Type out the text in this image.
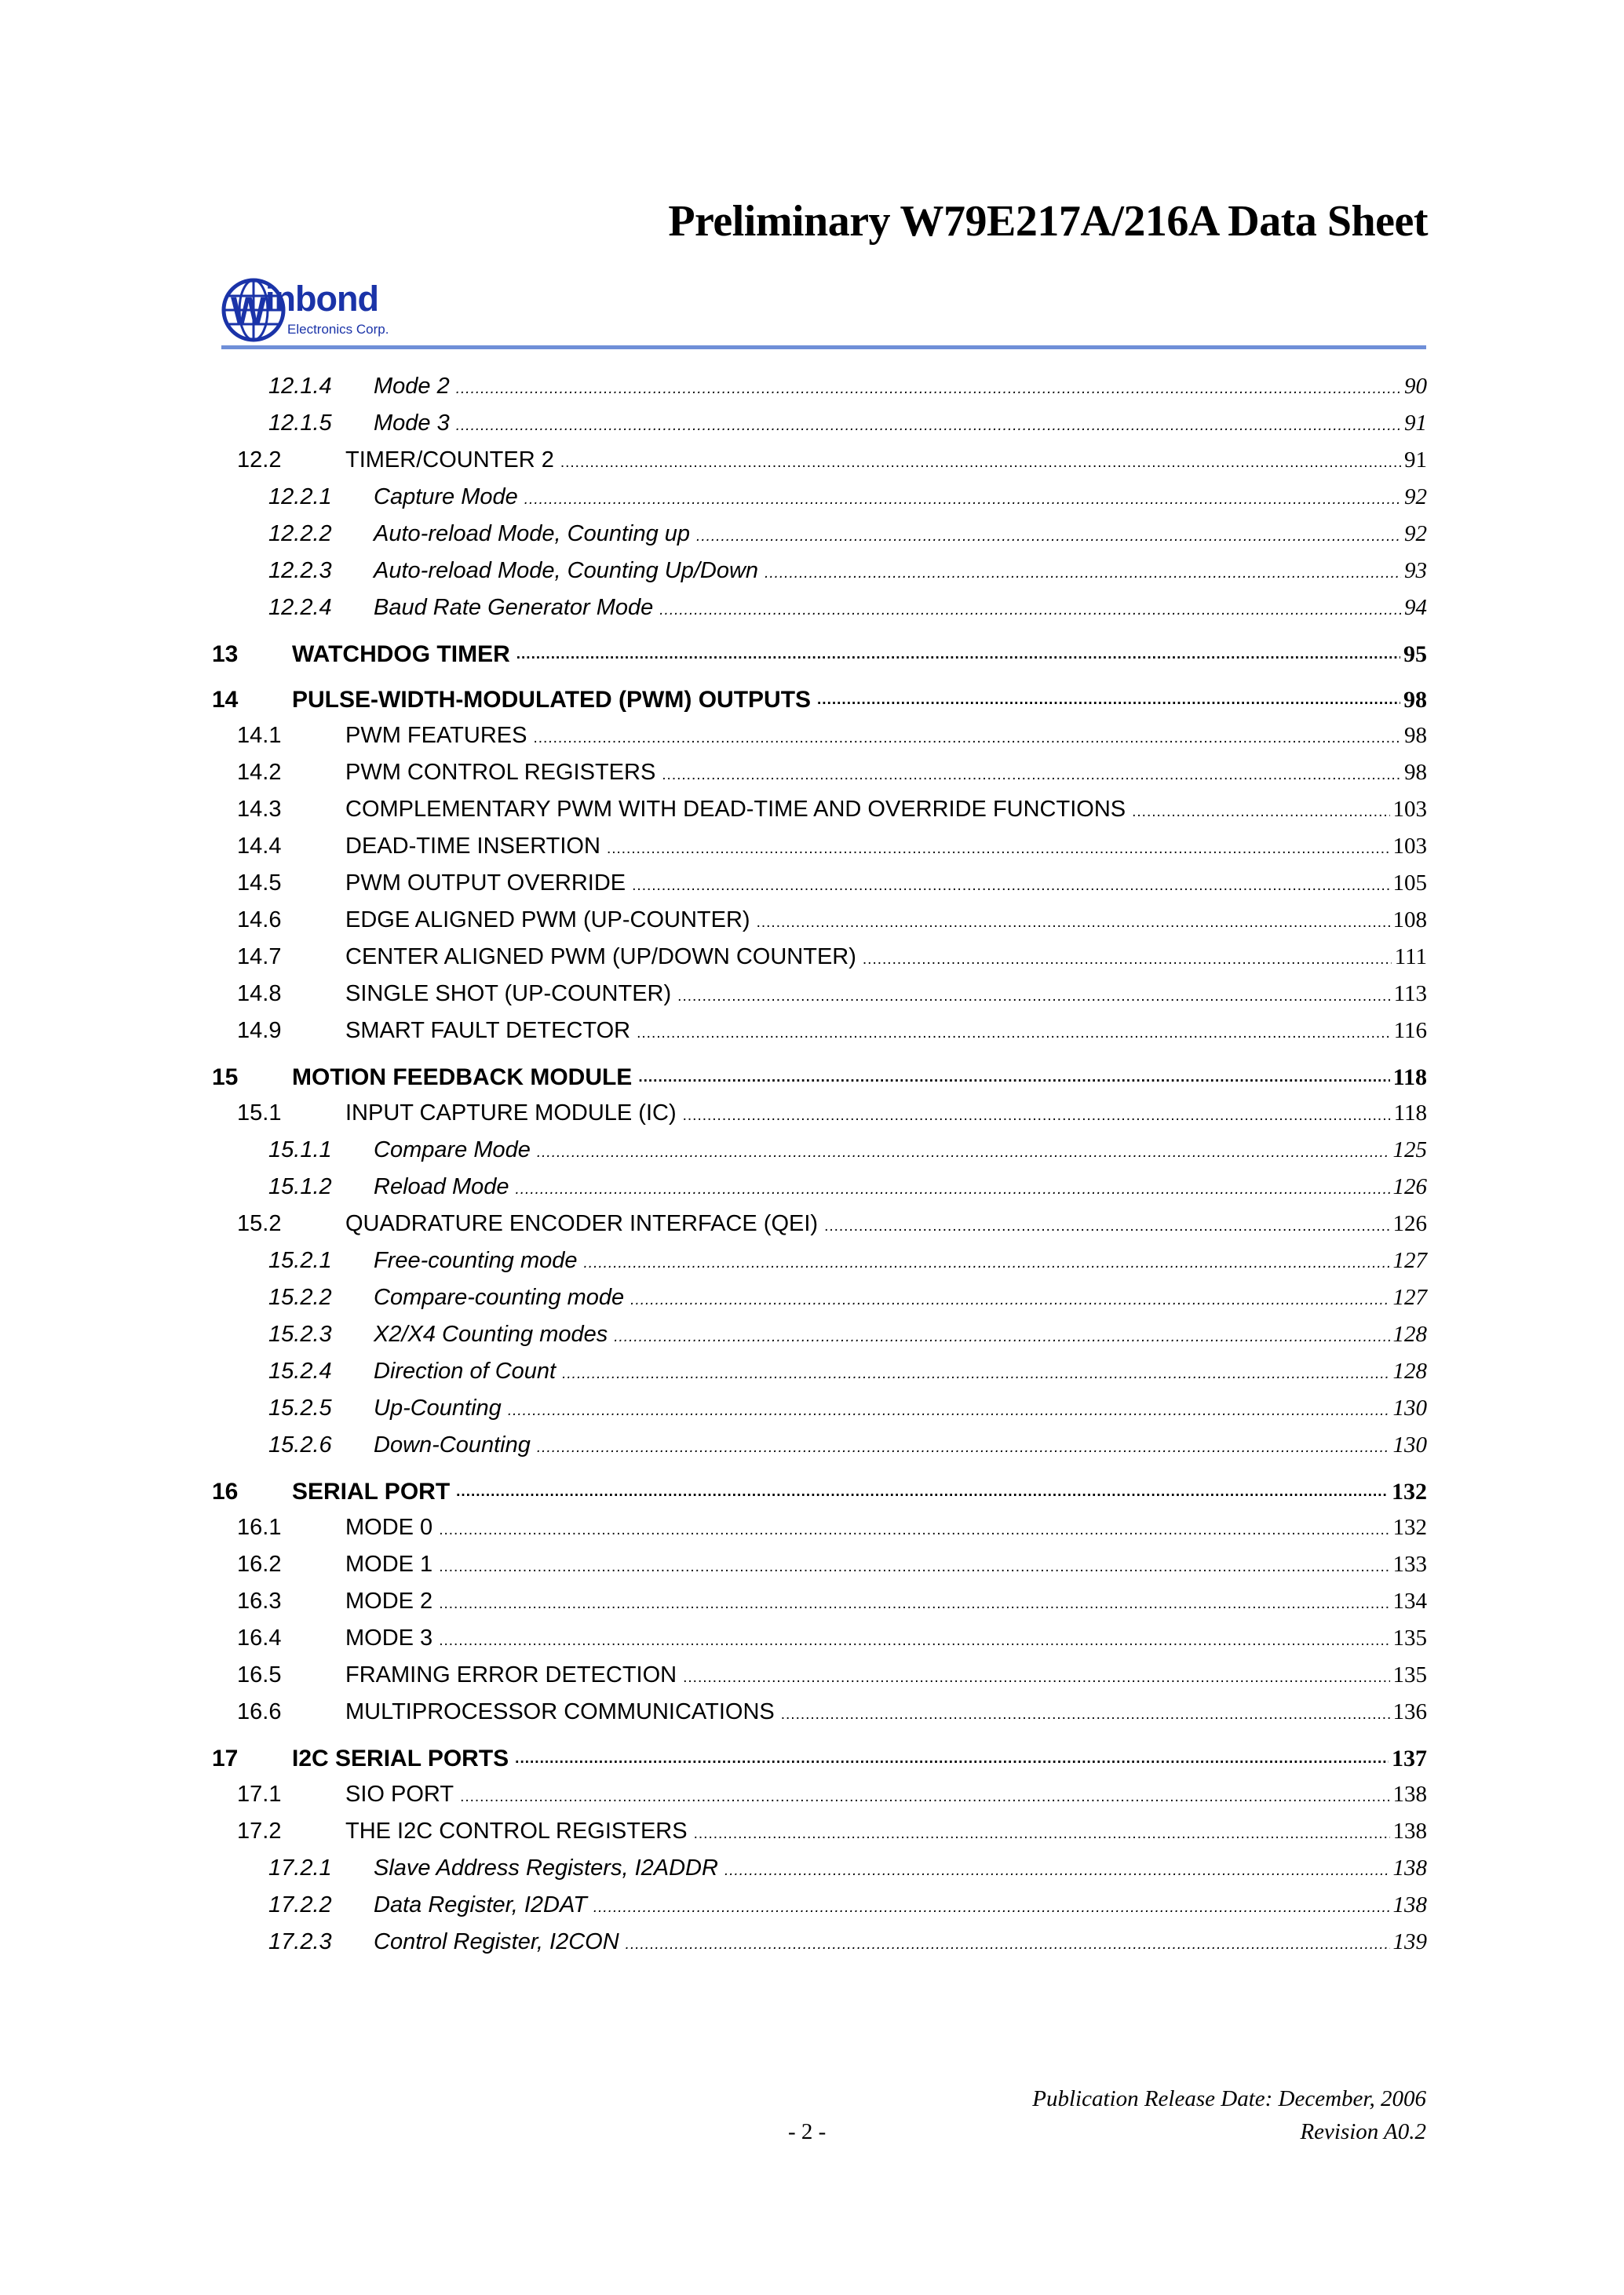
Preliminary W79E217A/216A Data Sheet
W
inbond
Electronics Corp.
12.1.4	Mode 2 .....	90
12.1.5	Mode 3 .....	91
12.2	TIMER/COUNTER 2 .....	91
12.2.1	Capture Mode .....	92
12.2.2	Auto-reload Mode, Counting up .....	92
12.2.3	Auto-reload Mode, Counting Up/Down .....	93
12.2.4	Baud Rate Generator Mode .....	94
13	WATCHDOG TIMER .....	95
14	PULSE-WIDTH-MODULATED (PWM) OUTPUTS .....	98
14.1	PWM FEATURES .....	98
14.2	PWM CONTROL REGISTERS .....	98
14.3	COMPLEMENTARY PWM WITH DEAD-TIME AND OVERRIDE FUNCTIONS .....	103
14.4	DEAD-TIME INSERTION .....	103
14.5	PWM OUTPUT OVERRIDE .....	105
14.6	EDGE ALIGNED PWM (UP-COUNTER) .....	108
14.7	CENTER ALIGNED PWM (UP/DOWN COUNTER) .....	111
14.8	SINGLE SHOT (UP-COUNTER) .....	113
14.9	SMART FAULT DETECTOR .....	116
15	MOTION FEEDBACK MODULE .....	118
15.1	INPUT CAPTURE MODULE (IC) .....	118
15.1.1	Compare Mode .....	125
15.1.2	Reload Mode .....	126
15.2	QUADRATURE ENCODER INTERFACE (QEI) .....	126
15.2.1	Free-counting mode .....	127
15.2.2	Compare-counting mode .....	127
15.2.3	X2/X4 Counting modes .....	128
15.2.4	Direction of Count .....	128
15.2.5	Up-Counting .....	130
15.2.6	Down-Counting .....	130
16	SERIAL PORT .....	132
16.1	MODE 0 .....	132
16.2	MODE 1 .....	133
16.3	MODE 2 .....	134
16.4	MODE 3 .....	135
16.5	FRAMING ERROR DETECTION .....	135
16.6	MULTIPROCESSOR COMMUNICATIONS .....	136
17	I2C SERIAL PORTS .....	137
17.1	SIO PORT .....	138
17.2	THE I2C CONTROL REGISTERS .....	138
17.2.1	Slave Address Registers, I2ADDR .....	138
17.2.2	Data Register, I2DAT .....	138
17.2.3	Control Register, I2CON .....	139
Publication Release Date: December, 2006
- 2 -	Revision A0.2
